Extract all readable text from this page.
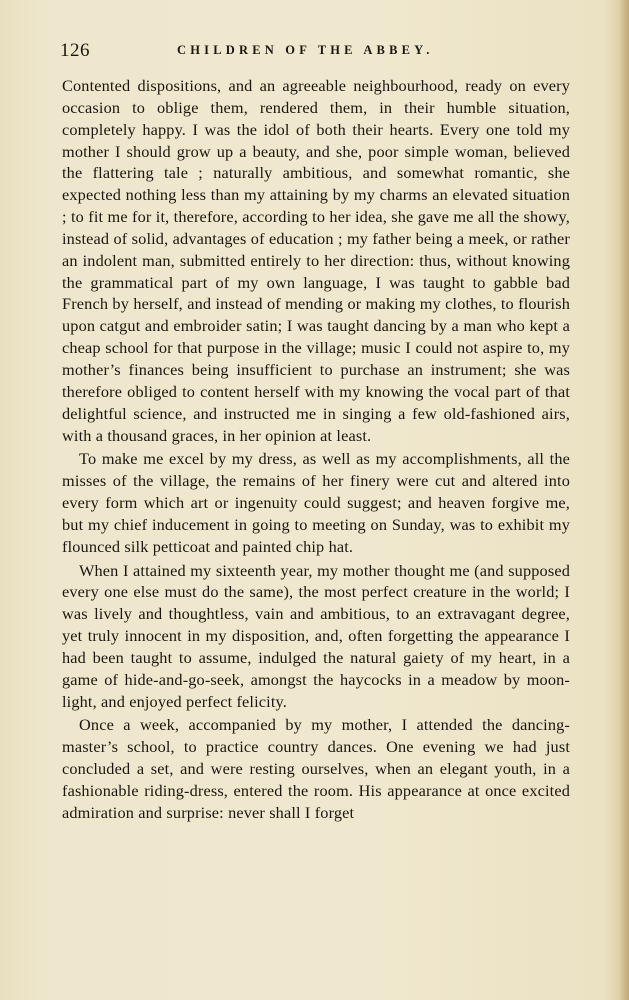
126	CHILDREN OF THE ABBEY.

Contented dispositions, and an agreeable neighbourhood, ready on every occasion to oblige them, rendered them, in their humble situation, completely happy. I was the idol of both their hearts. Every one told my mother I should grow up a beauty, and she, poor simple woman, believed the flattering tale ; naturally ambitious, and somewhat romantic, she expected nothing less than my attaining by my charms an elevated situation ; to fit me for it, therefore, according to her idea, she gave me all the showy, instead of solid, advantages of education ; my father being a meek, or rather an indolent man, submitted entirely to her direction: thus, without knowing the grammatical part of my own language, I was taught to gabble bad French by herself, and instead of mending or making my clothes, to flourish upon catgut and embroider satin; I was taught dancing by a man who kept a cheap school for that purpose in the village; music I could not aspire to, my mother’s finances being insufficient to purchase an instrument; she was therefore obliged to content herself with my knowing the vocal part of that delightful science, and instructed me in singing a few old-fashioned airs, with a thousand graces, in her opinion at least.

To make me excel by my dress, as well as my accomplishments, all the misses of the village, the remains of her finery were cut and altered into every form which art or ingenuity could suggest; and heaven forgive me, but my chief inducement in going to meeting on Sunday, was to exhibit my flounced silk petticoat and painted chip hat.

When I attained my sixteenth year, my mother thought me (and supposed every one else must do the same), the most perfect creature in the world; I was lively and thoughtless, vain and ambitious, to an extravagant degree, yet truly innocent in my disposition, and, often forgetting the appearance I had been taught to assume, indulged the natural gaiety of my heart, in a game of hide-and-go-seek, amongst the haycocks in a meadow by moon-light, and enjoyed perfect felicity.

Once a week, accompanied by my mother, I attended the dancing-master’s school, to practice country dances. One evening we had just concluded a set, and were resting ourselves, when an elegant youth, in a fashionable riding-dress, entered the room. His appearance at once excited admiration and surprise: never shall I forget
